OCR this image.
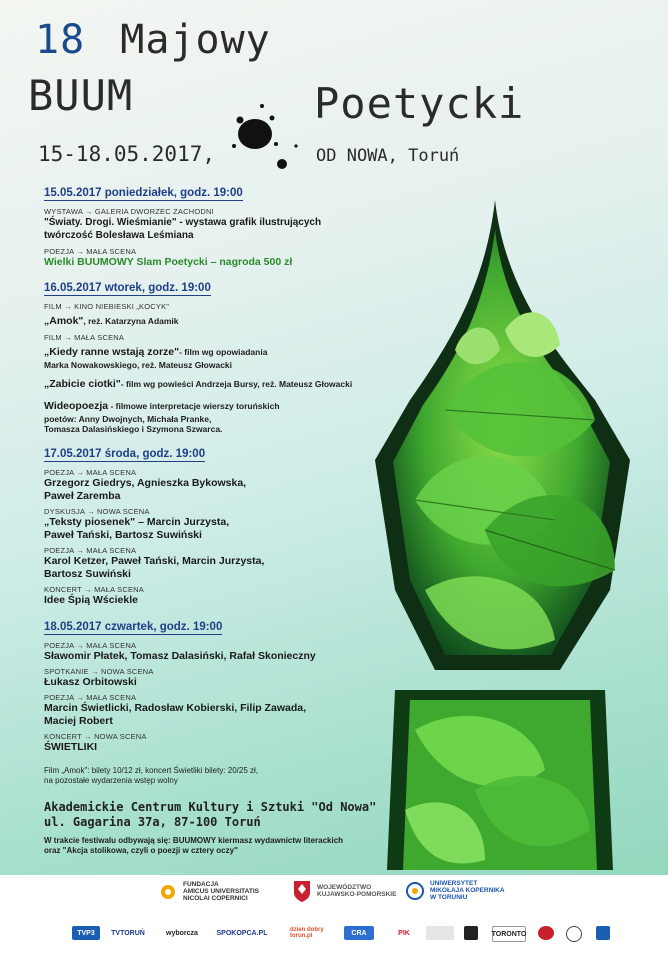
18 Majowy
BUUM	Poetycki
15-18.05.2017,	OD NOWA, Toruń
15.05.2017 poniedziałek, godz. 19:00
WYSTAWA → GALERIA DWORZEC ZACHODNI
"Światy. Drogi. Wieśmianie" - wystawa grafik ilustrujących twórczość Bolesława Leśmiana
POEZJA → MAŁA SCENA
Wielki BUUMOWY Slam Poetycki – nagroda 500 zł
16.05.2017 wtorek, godz. 19:00
FILM → KINO NIEBIESKI „KOCYK"
„Amok", reż. Katarzyna Adamik
FILM → MAŁA SCENA
„Kiedy ranne wstają zorze"- film wg opowiadania
Marka Nowakowskiego, reż. Mateusz Głowacki
„Zabicie ciotki"- film wg powieści Andrzeja Bursy, reż. Mateusz Głowacki
Wideopoezja - filmowe interpretacje wierszy toruńskich
poetów: Anny Dwojnych, Michała Pranke,
Tomasza Dalasińskiego i Szymona Szwarca.
17.05.2017 środa, godz. 19:00
POEZJA → MAŁA SCENA
Grzegorz Giedrys, Agnieszka Bykowska,
Paweł Zaremba
DYSKUSJA → NOWA SCENA
„Teksty piosenek" – Marcin Jurzysta,
Paweł Tański, Bartosz Suwiński
POEZJA → MAŁA SCENA
Karol Ketzer, Paweł Tański, Marcin Jurzysta,
Bartosz Suwiński
KONCERT → MAŁA SCENA
Idee Śpią Wściekle
18.05.2017 czwartek, godz. 19:00
POEZJA → MAŁA SCENA
Sławomir Płatek, Tomasz Dalasiński, Rafał Skonieczny
SPOTKANIE → NOWA SCENA
Łukasz Orbitowski
POEZJA → MAŁA SCENA
Marcin Świetlicki, Radosław Kobierski, Filip Zawada,
Maciej Robert
KONCERT → NOWA SCENA
ŚWIETLIKI
Film „Amok": bilety 10/12 zł, koncert Świetliki bilety: 20/25 zł,
na pozostałe wydarzenia wstęp wolny
Akademickie Centrum Kultury i Sztuki "Od Nowa"
ul. Gagarina 37a, 87-100 Toruń
W trakcie festiwalu odbywają się: BUUMOWY kiermasz wydawnictw literackich
oraz "Akcja stolikowa, czyli o poezji w cztery oczy"
FUNDACJA
AMICUS UNIVERSITATIS
NICOLAI COPERNICI
WOJEWÓDZTWO
KUJAWSKO-POMORSKIE
UNIWERSYTET
MIKOŁAJA KOPERNIKA
W TORUNIU
TVP3	TVTORUŃ	wyborcza	SPOKOPCA.PL	dzien dobry torun.pl	CRA	PIK	TORONTO
